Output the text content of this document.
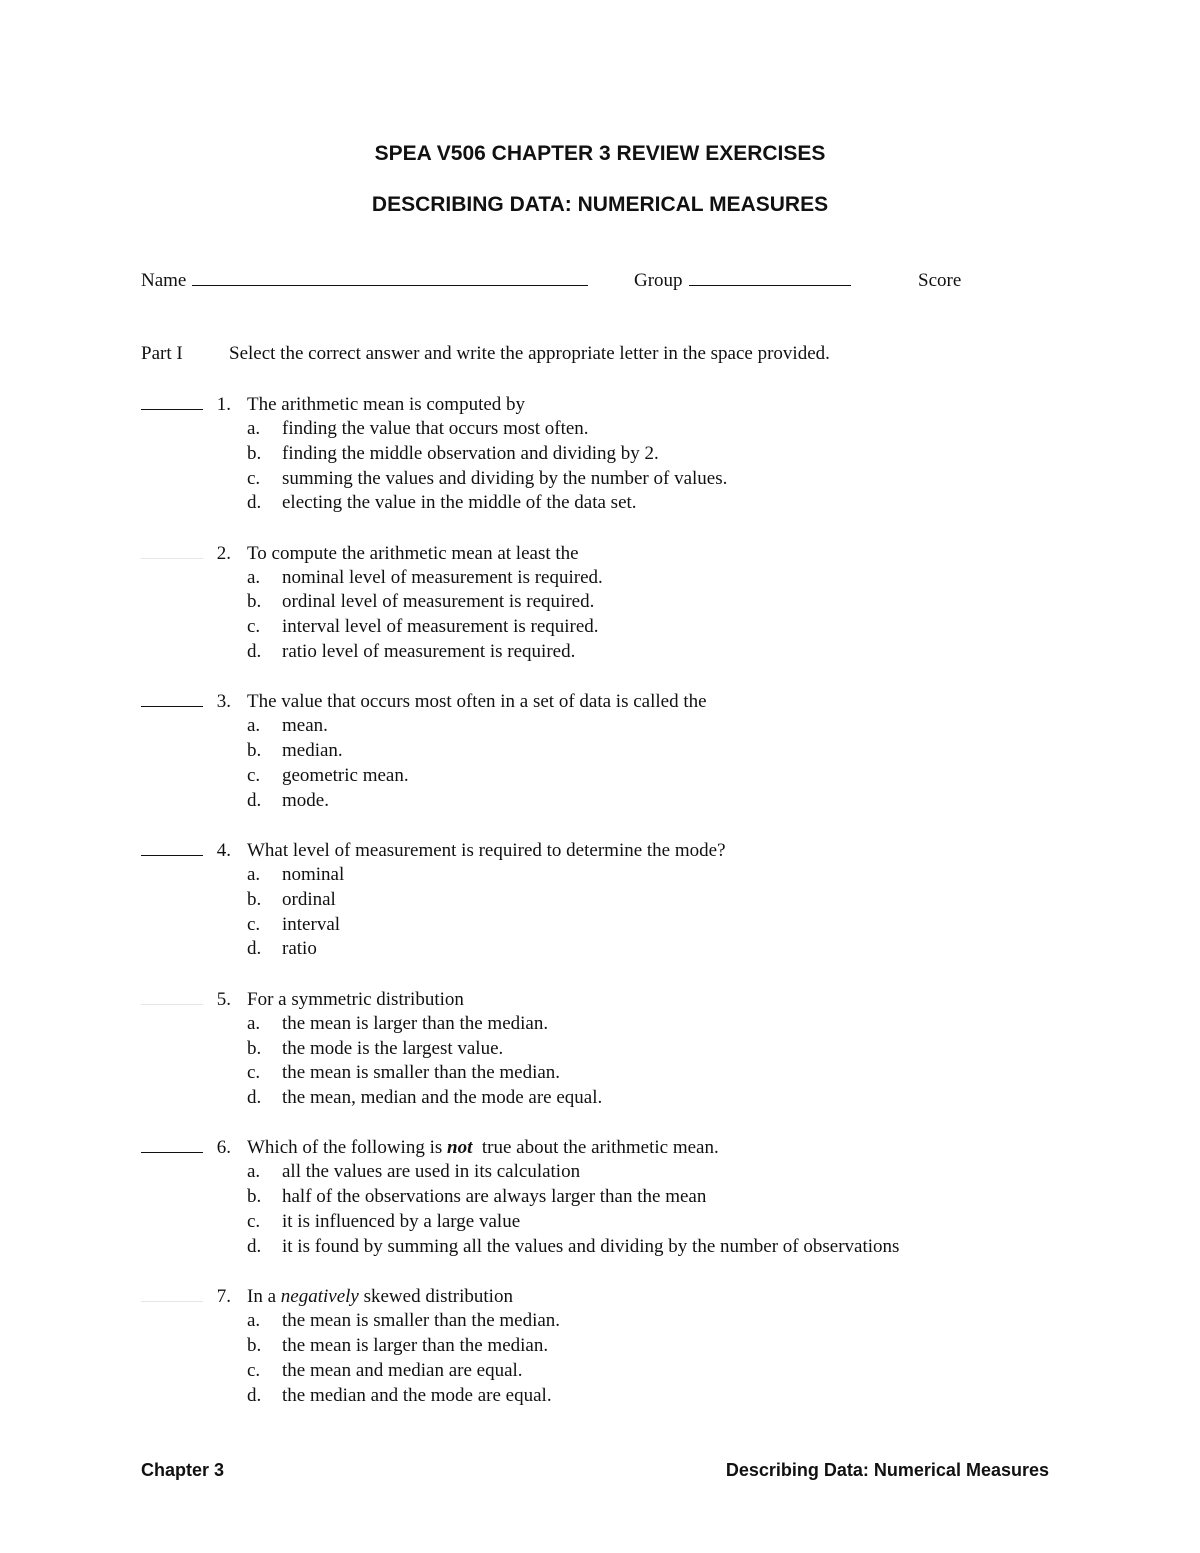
SPEA V506 CHAPTER 3 REVIEW EXERCISES
DESCRIBING DATA: NUMERICAL MEASURES
Name	Group	Score
Part I Select the correct answer and write the appropriate letter in the space provided.
1. The arithmetic mean is computed by
a. finding the value that occurs most often.
b. finding the middle observation and dividing by 2.
c. summing the values and dividing by the number of values.
d. electing the value in the middle of the data set.
2. To compute the arithmetic mean at least the
a. nominal level of measurement is required.
b. ordinal level of measurement is required.
c. interval level of measurement is required.
d. ratio level of measurement is required.
3. The value that occurs most often in a set of data is called the
a. mean.
b. median.
c. geometric mean.
d. mode.
4. What level of measurement is required to determine the mode?
a. nominal
b. ordinal
c. interval
d. ratio
5. For a symmetric distribution
a. the mean is larger than the median.
b. the mode is the largest value.
c. the mean is smaller than the median.
d. the mean, median and the mode are equal.
6. Which of the following is not  true about the arithmetic mean.
a. all the values are used in its calculation
b. half of the observations are always larger than the mean
c. it is influenced by a large value
d. it is found by summing all the values and dividing by the number of observations
7. In a negatively skewed distribution
a. the mean is smaller than the median.
b. the mean is larger than the median.
c. the mean and median are equal.
d. the median and the mode are equal.
Chapter 3	Describing Data: Numerical Measures
